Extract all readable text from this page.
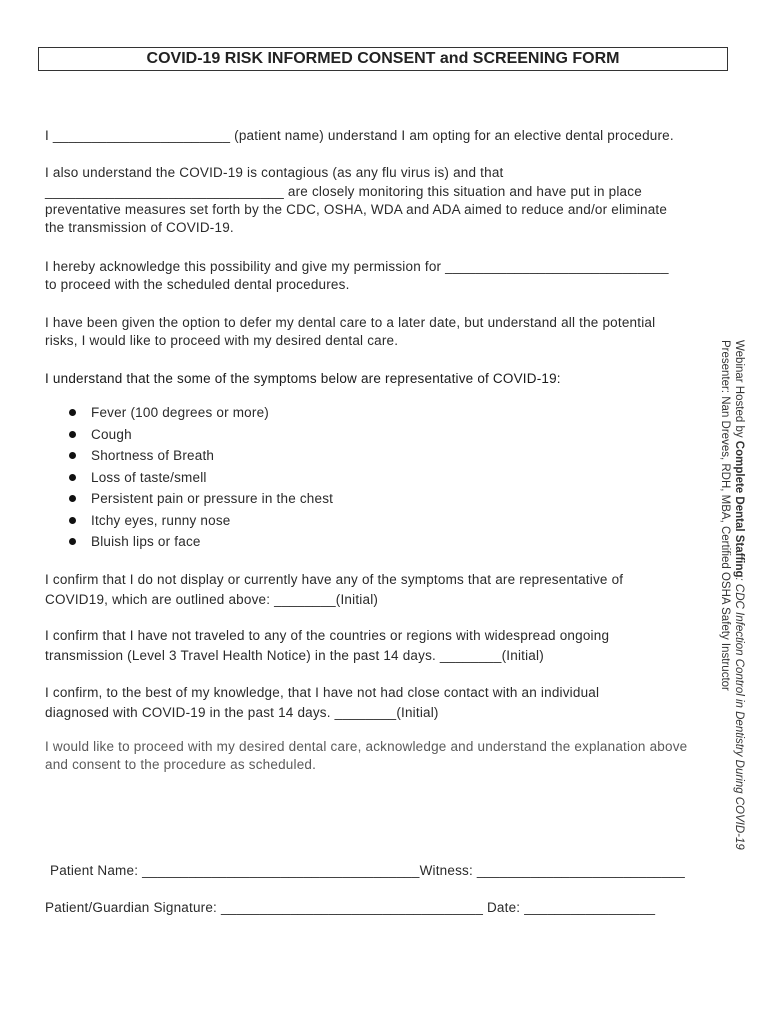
COVID-19 RISK INFORMED CONSENT and SCREENING FORM

I _______________________ (patient name) understand I am opting for an elective dental procedure.

I also understand the COVID-19 is contagious (as any flu virus is) and that

_______________________________ are closely monitoring this situation and have put in place

preventative measures set forth by the CDC, OSHA, WDA and ADA aimed to reduce and/or eliminate

the transmission of COVID-19.

I hereby acknowledge this possibility and give my permission for _____________________________

to proceed with the scheduled dental procedures.

I have been given the option to defer my dental care to a later date, but understand all the potential

risks, I would like to proceed with my desired dental care.

I understand that the some of the symptoms below are representative of COVID-19:

Fever (100 degrees or more)
Cough
Shortness of Breath
Loss of taste/smell
Persistent pain or pressure in the chest
Itchy eyes, runny nose
Bluish lips or face

I confirm that I do not display or currently have any of the symptoms that are representative of

COVID19, which are outlined above: ________(Initial)

I confirm that I have not traveled to any of the countries or regions with widespread ongoing

transmission (Level 3 Travel Health Notice) in the past 14 days. ________(Initial)

I confirm, to the best of my knowledge, that I have not had close contact with an individual

diagnosed with COVID-19 in the past 14 days. ________(Initial)

I would like to proceed with my desired dental care, acknowledge and understand the explanation above

and consent to the procedure as scheduled.

Patient Name: ____________________________________Witness: ___________________________

Patient/Guardian Signature: __________________________________ Date: _________________

Webinar Hosted by Complete Dental Staffing: CDC Infection Control in Dentistry During COVID-19
Presenter: Nan Dreves, RDH, MBA, Certified OSHA Safety Instructor
